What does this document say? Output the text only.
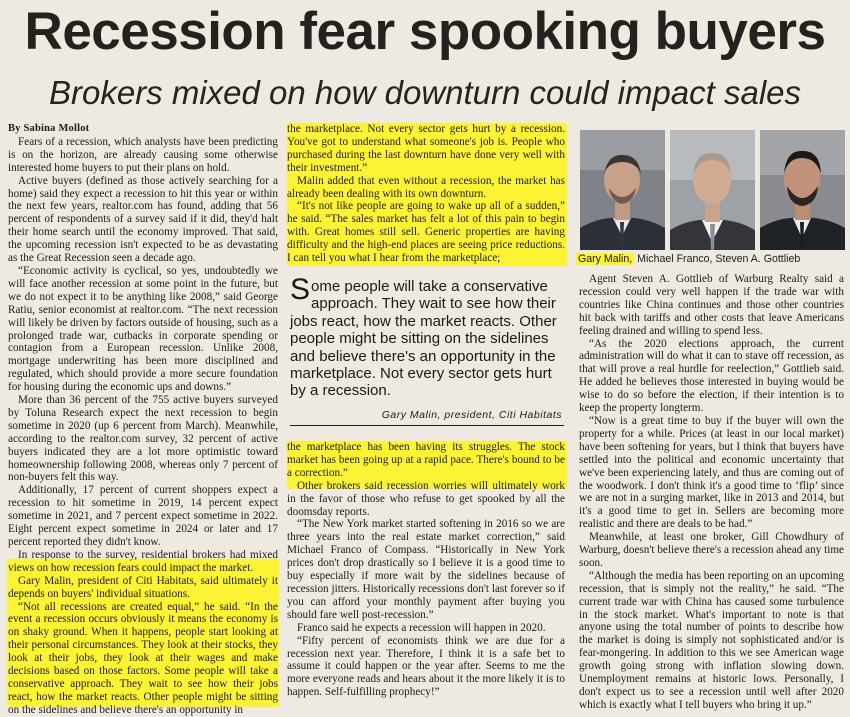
Recession fear spooking buyers
Brokers mixed on how downturn could impact sales

By Sabina Mollot

Fears of a recession, which analysts have been predicting is on the horizon, are already causing some otherwise interested home buyers to put their plans on hold.

Active buyers (defined as those actively searching for a home) said they expect a recession to hit this year or within the next few years, realtor.com has found, adding that 56 percent of respondents of a survey said if it did, they'd halt their home search until the economy improved. That said, the upcoming recession isn't expected to be as devastating as the Great Recession seen a decade ago.

“Economic activity is cyclical, so yes, undoubtedly we will face another recession at some point in the future, but we do not expect it to be anything like 2008,” said George Ratiu, senior economist at realtor.com. “The next recession will likely be driven by factors outside of housing, such as a prolonged trade war, cutbacks in corporate spending or contagion from a European recession. Unlike 2008, mortgage underwriting has been more disciplined and regulated, which should provide a more secure foundation for housing during the economic ups and downs.”

More than 36 percent of the 755 active buyers surveyed by Toluna Research expect the next recession to begin sometime in 2020 (up 6 percent from March). Meanwhile, according to the realtor.com survey, 32 percent of active buyers indicated they are a lot more optimistic toward homeownership following 2008, whereas only 7 percent of non-buyers felt this way.

Additionally, 17 percent of current shoppers expect a recession to hit sometime in 2019, 14 percent expect sometime in 2021, and 7 percent expect sometime in 2022. Eight percent expect sometime in 2024 or later and 17 percent reported they didn't know.

In response to the survey, residential brokers had mixed views on how recession fears could impact the market.

Gary Malin, president of Citi Habitats, said ultimately it depends on buyers' individual situations.

“Not all recessions are created equal,” he said. “In the event a recession occurs obviously it means the economy is on shaky ground. When it happens, people start looking at their personal circumstances. They look at their stocks, they look at their jobs, they look at their wages and make decisions based on those factors. Some people will take a conservative approach. They wait to see how their jobs react, how the market reacts. Other people might be sitting on the sidelines and believe there's an opportunity in

the marketplace. Not every sector gets hurt by a recession. You've got to understand what someone's job is. People who purchased during the last downturn have done very well with their investment.”

Malin added that even without a recession, the market has already been dealing with its own downturn.

“It's not like people are going to wake up all of a sudden,” he said. “The sales market has felt a lot of this pain to begin with. Great homes still sell. Generic properties are having difficulty and the high-end places are seeing price reductions. I can tell you what I hear from the marketplace;

Some people will take a conservative approach. They wait to see how their jobs react, how the market reacts. Other people might be sitting on the sidelines and believe there's an opportunity in the marketplace. Not every sector gets hurt by a recession.
Gary Malin, president, Citi Habitats

the marketplace has been having its struggles. The stock market has been going up at a rapid pace. There's bound to be a correction.”

Other brokers said recession worries will ultimately work in the favor of those who refuse to get spooked by all the doomsday reports.

“The New York market started softening in 2016 so we are three years into the real estate market correction,” said Michael Franco of Compass. “Historically in New York prices don't drop drastically so I believe it is a good time to buy especially if more wait by the sidelines because of recession jitters. Historically recessions don't last forever so if you can afford your monthly payment after buying you should fare well post-recession.”

Franco said he expects a recession will happen in 2020.

“Fifty percent of economists think we are due for a recession next year. Therefore, I think it is a safe bet to assume it could happen or the year after. Seems to me the more everyone reads and hears about it the more likely it is to happen. Self-fulfilling prophecy!”

Gary Malin, Michael Franco, Steven A. Gottlieb

Agent Steven A. Gottlieb of Warburg Realty said a recession could very well happen if the trade war with countries like China continues and those other countries hit back with tariffs and other costs that leave Americans feeling drained and willing to spend less.

“As the 2020 elections approach, the current administration will do what it can to stave off recession, as that will prove a real hurdle for reelection,” Gottlieb said. He added he believes those interested in buying would be wise to do so before the election, if their intention is to keep the property longterm.

“Now is a great time to buy if the buyer will own the property for a while. Prices (at least in our local market) have been softening for years, but I think that buyers have settled into the political and economic uncertainty that we've been experiencing lately, and thus are coming out of the woodwork. I don't think it's a good time to ‘flip’ since we are not in a surging market, like in 2013 and 2014, but it's a good time to get in. Sellers are becoming more realistic and there are deals to be had.”

Meanwhile, at least one broker, Gill Chowdhury of Warburg, doesn't believe there's a recession ahead any time soon.

“Although the media has been reporting on an upcoming recession, that is simply not the reality,” he said. “The current trade war with China has caused some turbulence in the stock market. What's important to note is that anyone using the total number of points to describe how the market is doing is simply not sophisticated and/or is fear-mongering. In addition to this we see American wage growth going strong with inflation slowing down. Unemployment remains at historic lows. Personally, I don't expect us to see a recession until well after 2020 which is exactly what I tell buyers who bring it up.”
